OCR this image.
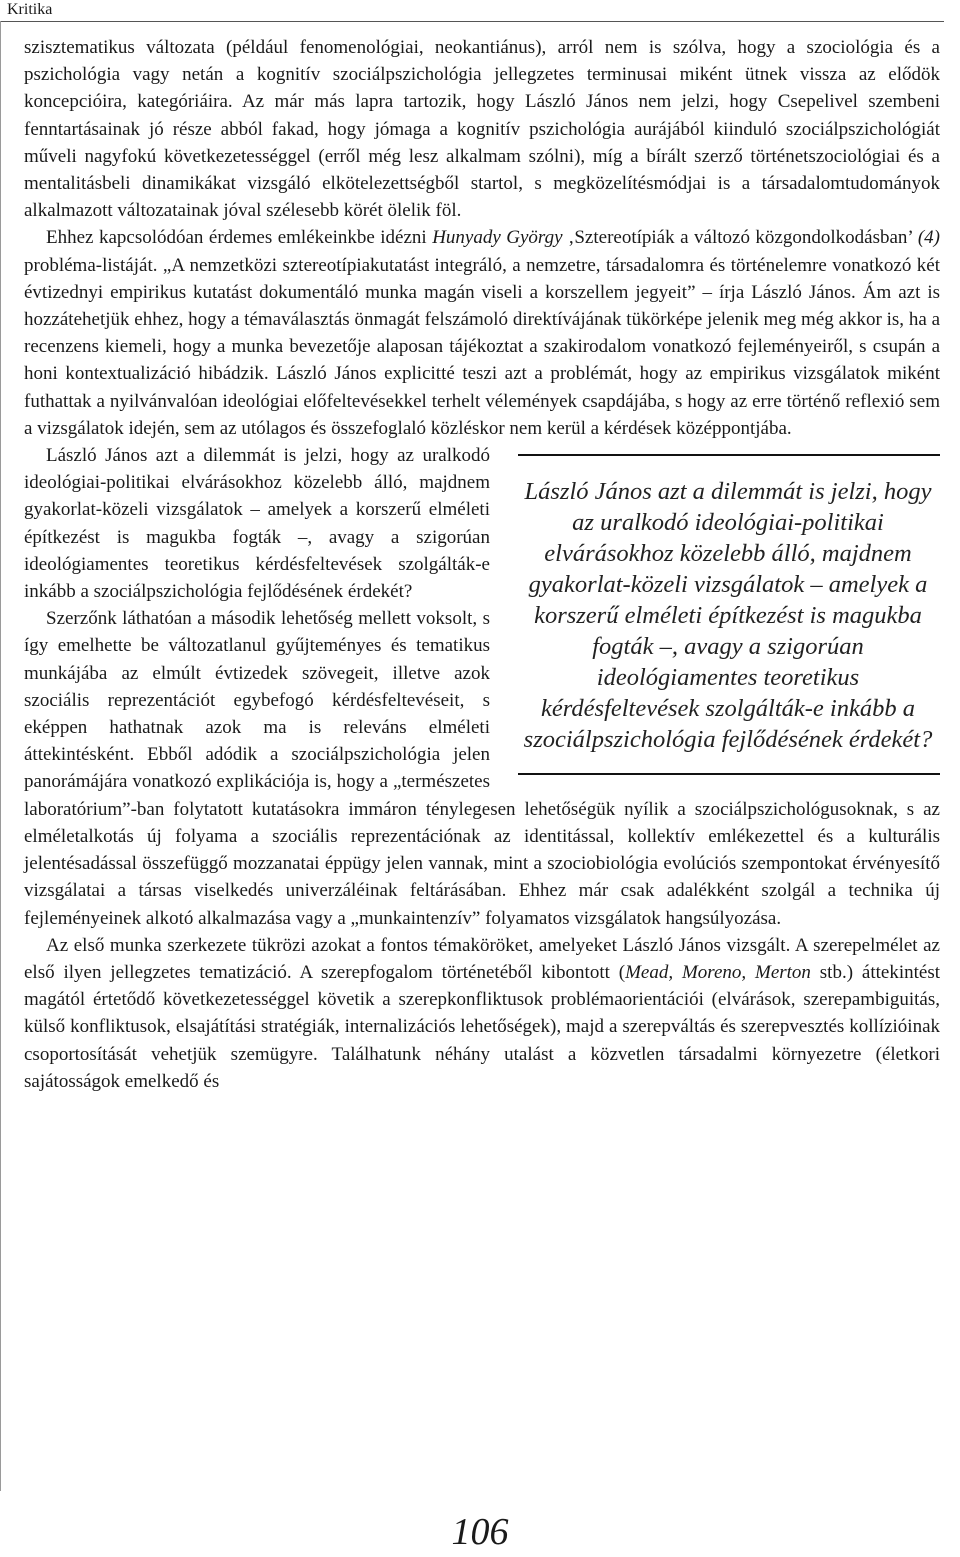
Kritika

szisztematikus változata (például fenomenológiai, neokantiánus), arról nem is szólva, hogy a szociológia és a pszichológia vagy netán a kognitív szociálpszichológia jellegzetes terminusai miként ütnek vissza az elődök koncepcióira, kategóriáira. Az már más lapra tartozik, hogy László János nem jelzi, hogy Csepelivel szembeni fenntartásainak jó része abból fakad, hogy jómaga a kognitív pszichológia aurájából kiinduló szociálpszichológiát műveli nagyfokú következetességgel (erről még lesz alkalmam szólni), míg a bírált szerző történetszociológiai és a mentalitásbeli dinamikákat vizsgáló elkötelezettségből startol, s megközelítésmódjai is a társadalomtudományok alkalmazott változatainak jóval szélesebb körét ölelik föl.

Ehhez kapcsolódóan érdemes emlékeinkbe idézni Hunyady György ‚Sztereotípiák a változó közgondolkodásban’ (4) probléma-listáját. „A nemzetközi sztereotípiakutatást integráló, a nemzetre, társadalomra és történelemre vonatkozó két évtizednyi empirikus kutatást dokumentáló munka magán viseli a korszellem jegyeit” – írja László János. Ám azt is hozzátehetjük ehhez, hogy a témaválasztás önmagát felszámoló direktívájának tükörképe jelenik meg még akkor is, ha a recenzens kiemeli, hogy a munka bevezetője alaposan tájékoztat a szakirodalom vonatkozó fejleményeiről, s csupán a honi kontextualizáció hibádzik. László János explicitté teszi azt a problémát, hogy az empirikus vizsgálatok miként futhattak a nyilvánvalóan ideológiai előfeltevésekkel terhelt vélemények csapdájába, s hogy az erre történő reflexió sem a vizsgálatok idején, sem az utólagos és összefoglaló közléskor nem kerül a kérdések középpontjába.
László János azt a dilemmát is jelzi, hogy az uralkodó ideológiai-politikai elvárásokhoz közelebb álló, majdnem gyakorlat-közeli vizsgálatok – amelyek a korszerű elméleti építkezést is magukba fogták –, avagy a szigorúan ideológiamentes teoretikus kérdésfeltevések szolgálták-e inkább a szociálpszichológia fejlődésének érdekét?

László János azt a dilemmát is jelzi, hogy az uralkodó ideológiai-politikai elvárásokhoz közelebb álló, majdnem gyakorlat-közeli vizsgálatok – amelyek a korszerű elméleti építkezést is magukba fogták –, avagy a szigorúan ideológiamentes teoretikus kérdésfeltevések szolgálták-e inkább a szociálpszichológia fejlődésének érdekét?

Szerzőnk láthatóan a második lehetőség mellett voksolt, s így emelhette be változatlanul gyűjteményes és tematikus munkájába az elmúlt évtizedek szövegeit, illetve azok szociális reprezentációt egybefogó kérdésfeltevéseit, s eképpen hathatnak azok ma is releváns elméleti áttekintésként. Ebből adódik a szociálpszichológia jelen panorámájára vonatkozó explikációja is, hogy a „természetes laboratórium”-ban folytatott kutatásokra immáron ténylegesen lehetőségük nyílik a szociálpszichológusoknak, s az elméletalkotás új folyama a szociális reprezentációnak az identitással, kollektív emlékezettel és a kulturális jelentésadással összefüggő mozzanatai éppügy jelen vannak, mint a szociobiológia evolúciós szempontokat érvényesítő vizsgálatai a társas viselkedés univerzáléinak feltárásában. Ehhez már csak adalékként szolgál a technika új fejleményeinek alkotó alkalmazása vagy a „munkaintenzív” folyamatos vizsgálatok hangsúlyozása.

Az első munka szerkezete tükrözi azokat a fontos témaköröket, amelyeket László János vizsgált. A szerepelmélet az első ilyen jellegzetes tematizáció. A szerepfogalom történetéből kibontott (Mead, Moreno, Merton stb.) áttekintést magától értetődő következetességgel követik a szerepkonfliktusok problémaorientációi (elvárások, szerepambiguitás, külső konfliktusok, elsajátítási stratégiák, internalizációs lehetőségek), majd a szerepváltás és szerepvesztés kollízióinak csoportosítását vehetjük szemügyre. Találhatunk néhány utalást a közvetlen társadalmi környezetre (életkori sajátosságok emelkedő és

106
